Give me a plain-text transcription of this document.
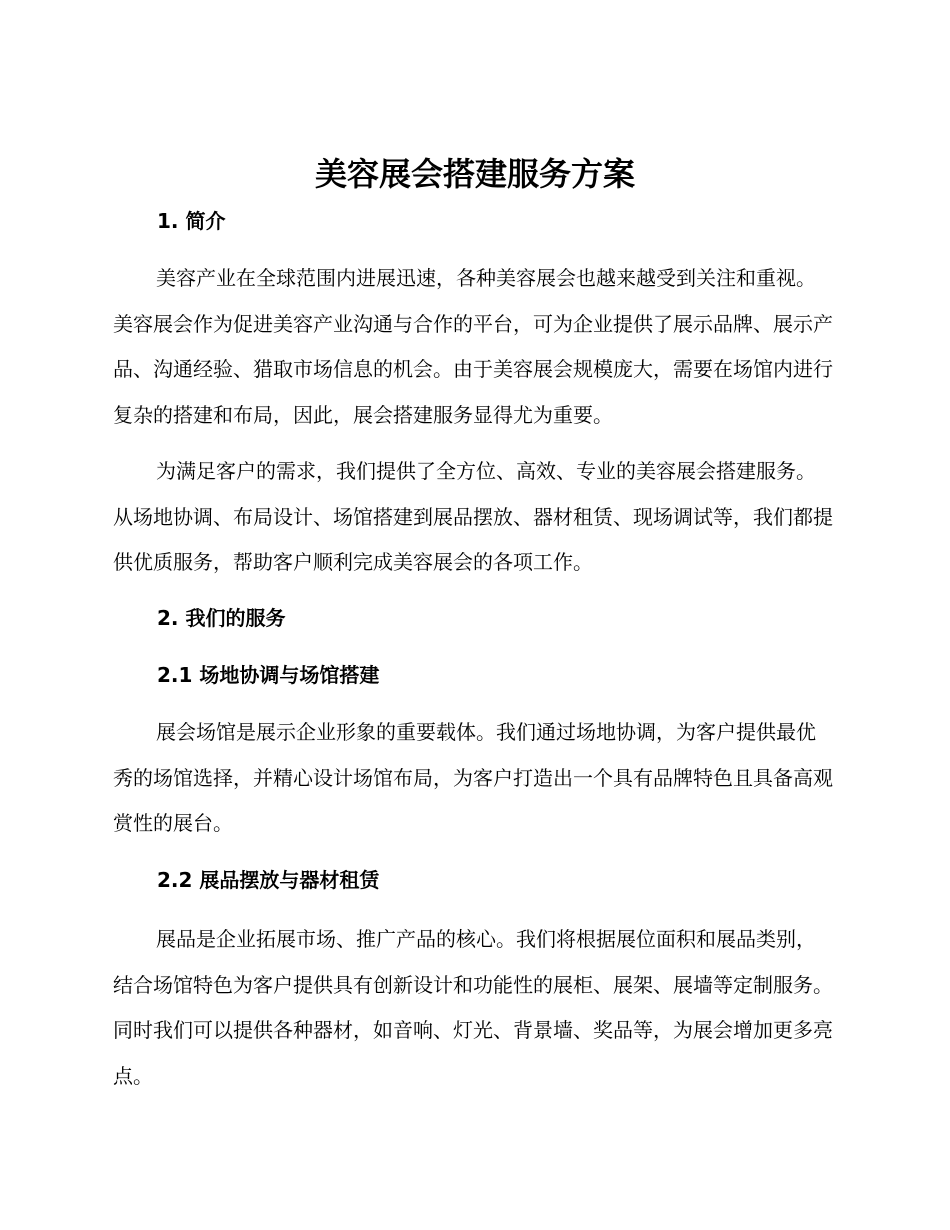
美容展会搭建服务方案
1. 简介

美容产业在全球范围内进展迅速，各种美容展会也越来越受到关注和重视。美容展会作为促进美容产业沟通与合作的平台，可为企业提供了展示品牌、展示产品、沟通经验、猎取市场信息的机会。由于美容展会规模庞大，需要在场馆内进行复杂的搭建和布局，因此，展会搭建服务显得尤为重要。

为满足客户的需求，我们提供了全方位、高效、专业的美容展会搭建服务。从场地协调、布局设计、场馆搭建到展品摆放、器材租赁、现场调试等，我们都提供优质服务，帮助客户顺利完成美容展会的各项工作。

2. 我们的服务
2.1 场地协调与场馆搭建

展会场馆是展示企业形象的重要载体。我们通过场地协调，为客户提供最优秀的场馆选择，并精心设计场馆布局，为客户打造出一个具有品牌特色且具备高观赏性的展台。

2.2 展品摆放与器材租赁

展品是企业拓展市场、推广产品的核心。我们将根据展位面积和展品类别，结合场馆特色为客户提供具有创新设计和功能性的展柜、展架、展墙等定制服务。同时我们可以提供各种器材，如音响、灯光、背景墙、奖品等，为展会增加更多亮点。
